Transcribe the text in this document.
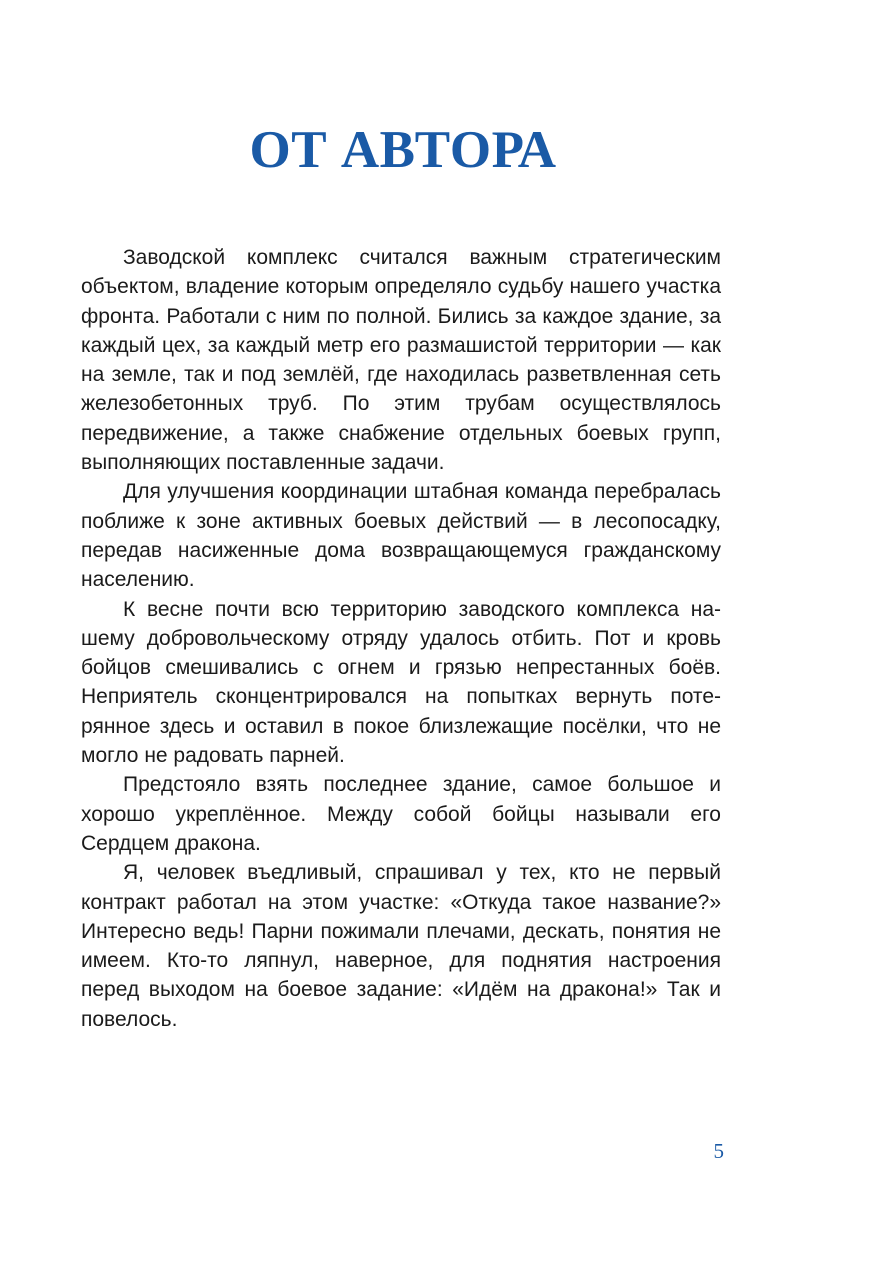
ОТ АВТОРА

Заводской комплекс считался важным стратегическим объектом, владение которым определяло судьбу нашего участка фронта. Работали с ним по полной. Бились за каждое здание, за каждый цех, за каждый метр его размашистой территории — как на земле, так и под землёй, где находилась разветвленная сеть железобетонных труб. По этим трубам осуществлялось передвижение, а также снабжение отдельных боевых групп, выполняющих поставленные задачи.

Для улучшения координации штабная команда перебралась поближе к зоне активных боевых действий — в лесопосадку, передав насиженные дома возвращающемуся гражданскому населению.

К весне почти всю территорию заводского комплекса нашему добровольческому отряду удалось отбить. Пот и кровь бойцов смешивались с огнем и грязью непрестанных боёв. Неприятель сконцентрировался на попытках вернуть потерянное здесь и оставил в покое близлежащие посёлки, что не могло не радовать парней.

Предстояло взять последнее здание, самое большое и хорошо укреплённое. Между собой бойцы называли его Сердцем дракона.

Я, человек въедливый, спрашивал у тех, кто не первый контракт работал на этом участке: «Откуда такое название?» Интересно ведь! Парни пожимали плечами, дескать, понятия не имеем. Кто-то ляпнул, наверное, для поднятия настроения перед выходом на боевое задание: «Идём на дракона!» Так и повелось.

5
